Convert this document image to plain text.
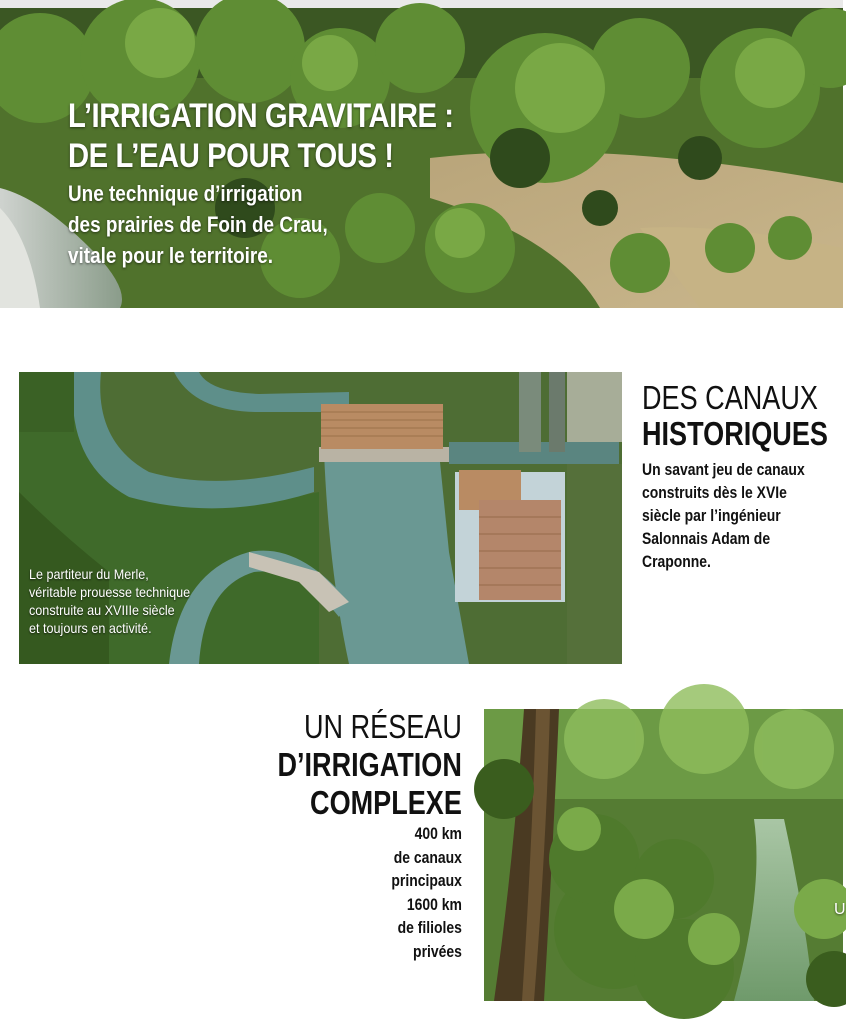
L’IRRIGATION GRAVITAIRE :
DE L’EAU POUR TOUS !
Une technique d’irrigation
des prairies de Foin de Crau,
vitale pour le territoire.
Le partiteur du Merle,
véritable prouesse technique
construite au XVIIIe siècle
et toujours en activité.
DES CANAUX
HISTORIQUES
Un savant jeu de canaux
construits dès le XVIe
siècle par l’ingénieur
Salonnais Adam de
Craponne.
UN RÉSEAU
D’IRRIGATION
COMPLEXE
400 km
de canaux
principaux
1600 km
de filioles
privées
U
